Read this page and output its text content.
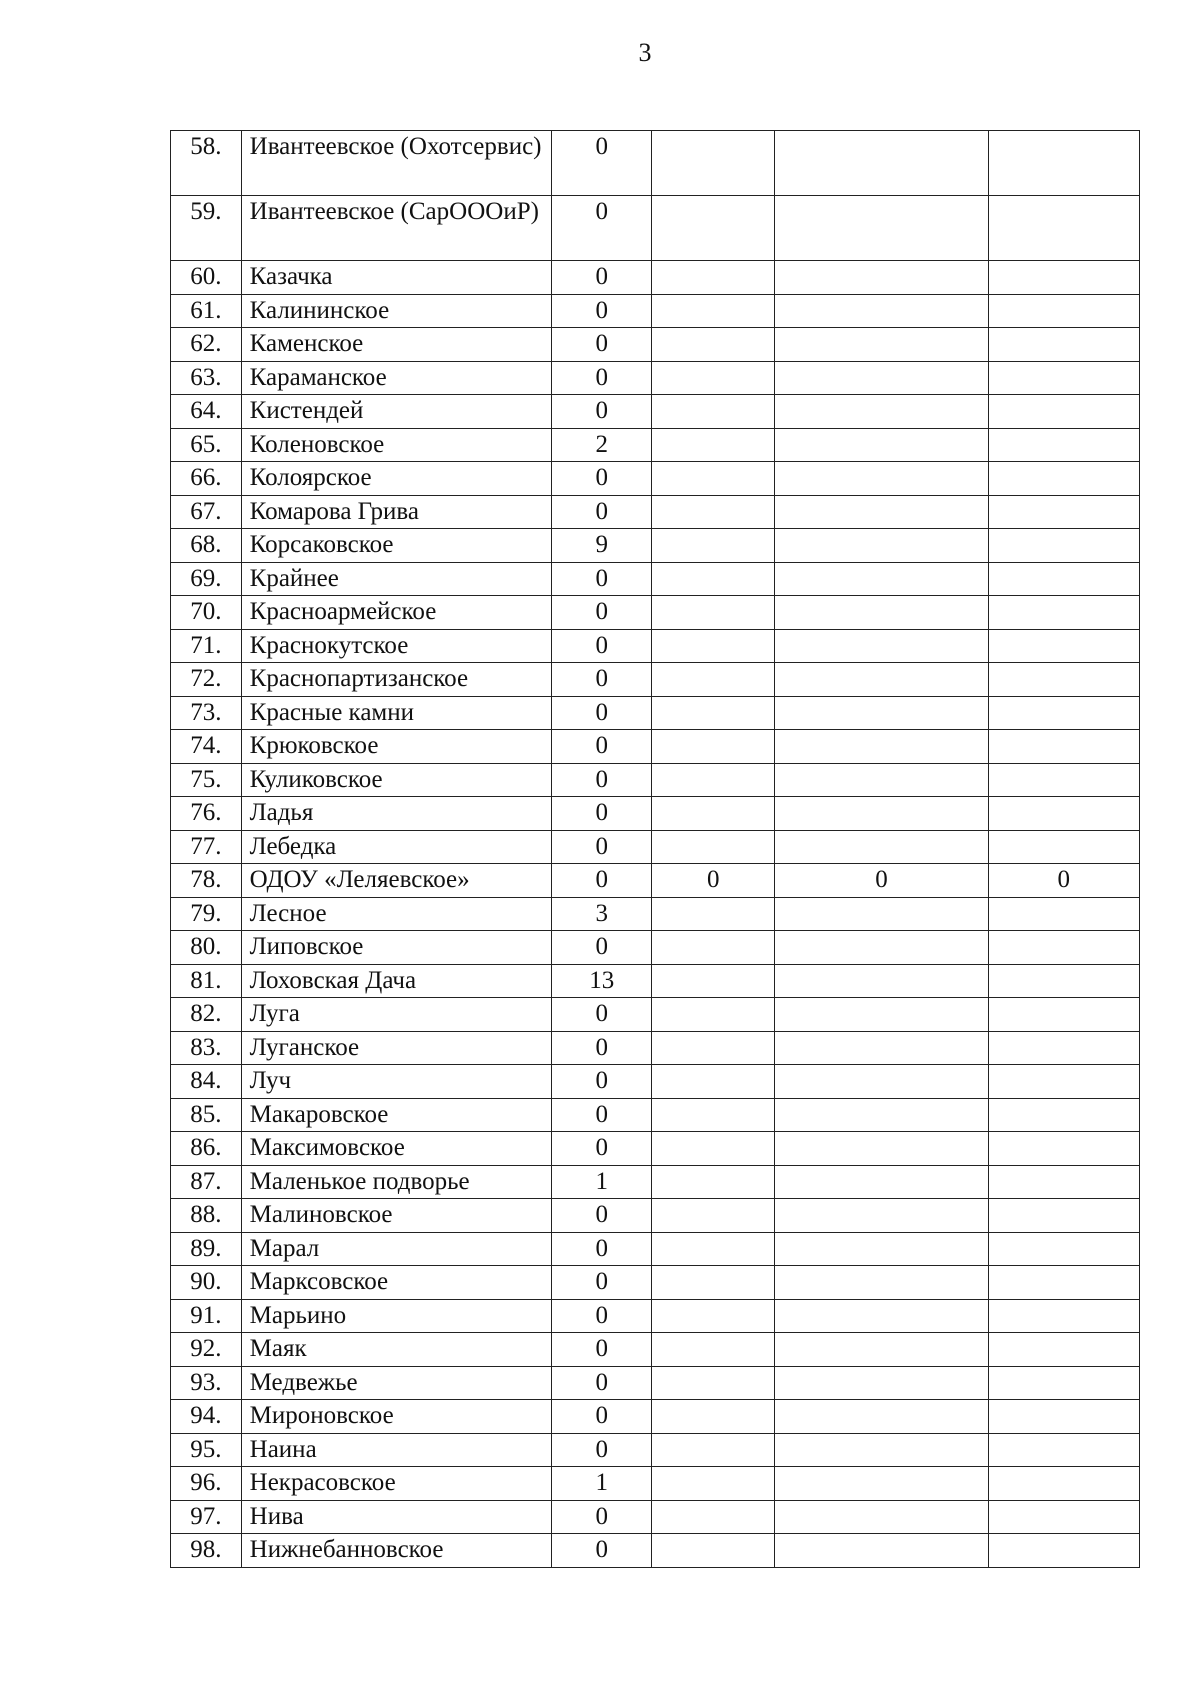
3
58.	Ивантеевское (Охотсервис)	0			
59.	Ивантеевское (СарОООиР)	0			
60.	Казачка	0			
61.	Калининское	0			
62.	Каменское	0			
63.	Караманское	0			
64.	Кистендей	0			
65.	Коленовское	2			
66.	Колоярское	0			
67.	Комарова Грива	0			
68.	Корсаковское	9			
69.	Крайнее	0			
70.	Красноармейское	0			
71.	Краснокутское	0			
72.	Краснопартизанское	0			
73.	Красные камни	0			
74.	Крюковское	0			
75.	Куликовское	0			
76.	Ладья	0			
77.	Лебедка	0			
78.	ОДОУ «Леляевское»	0	0	0	0
79.	Лесное	3			
80.	Липовское	0			
81.	Лоховская Дача	13			
82.	Луга	0			
83.	Луганское	0			
84.	Луч	0			
85.	Макаровское	0			
86.	Максимовское	0			
87.	Маленькое подворье	1			
88.	Малиновское	0			
89.	Марал	0			
90.	Марксовское	0			
91.	Марьино	0			
92.	Маяк	0			
93.	Медвежье	0			
94.	Мироновское	0			
95.	Наина	0			
96.	Некрасовское	1			
97.	Нива	0			
98.	Нижнебанновское	0			
